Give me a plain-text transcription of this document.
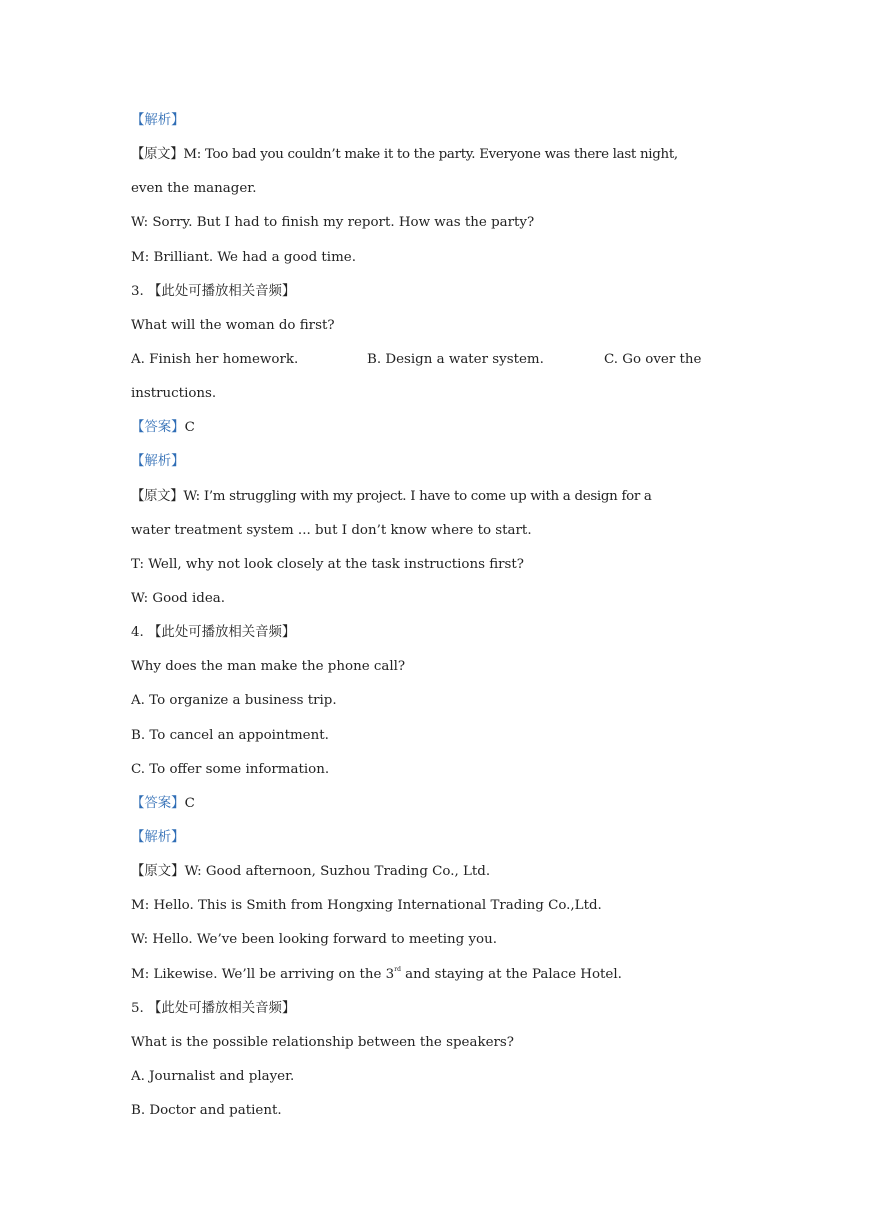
【解析】
【原文】M: Too bad you couldn’t make it to the party. Everyone was there last night,
even the manager.
W: Sorry. But I had to finish my report. How was the party?
M: Brilliant. We had a good time.
3. 【此处可播放相关音频】
What will the woman do first?
A. Finish her homework.	B. Design a water system.	C. Go over the
instructions.
【答案】C
【解析】
【原文】W: I’m struggling with my project. I have to come up with a design for a
water treatment system ... but I don’t know where to start.
T: Well, why not look closely at the task instructions first?
W: Good idea.
4. 【此处可播放相关音频】
Why does the man make the phone call?
A. To organize a business trip.
B. To cancel an appointment.
C. To offer some information.
【答案】C
【解析】
【原文】W: Good afternoon, Suzhou Trading Co., Ltd.
M: Hello. This is Smith from Hongxing International Trading Co.,Ltd.
W: Hello. We’ve been looking forward to meeting you.
M: Likewise. We’ll be arriving on the 3rd and staying at the Palace Hotel.
5. 【此处可播放相关音频】
What is the possible relationship between the speakers?
A. Journalist and player.
B. Doctor and patient.
